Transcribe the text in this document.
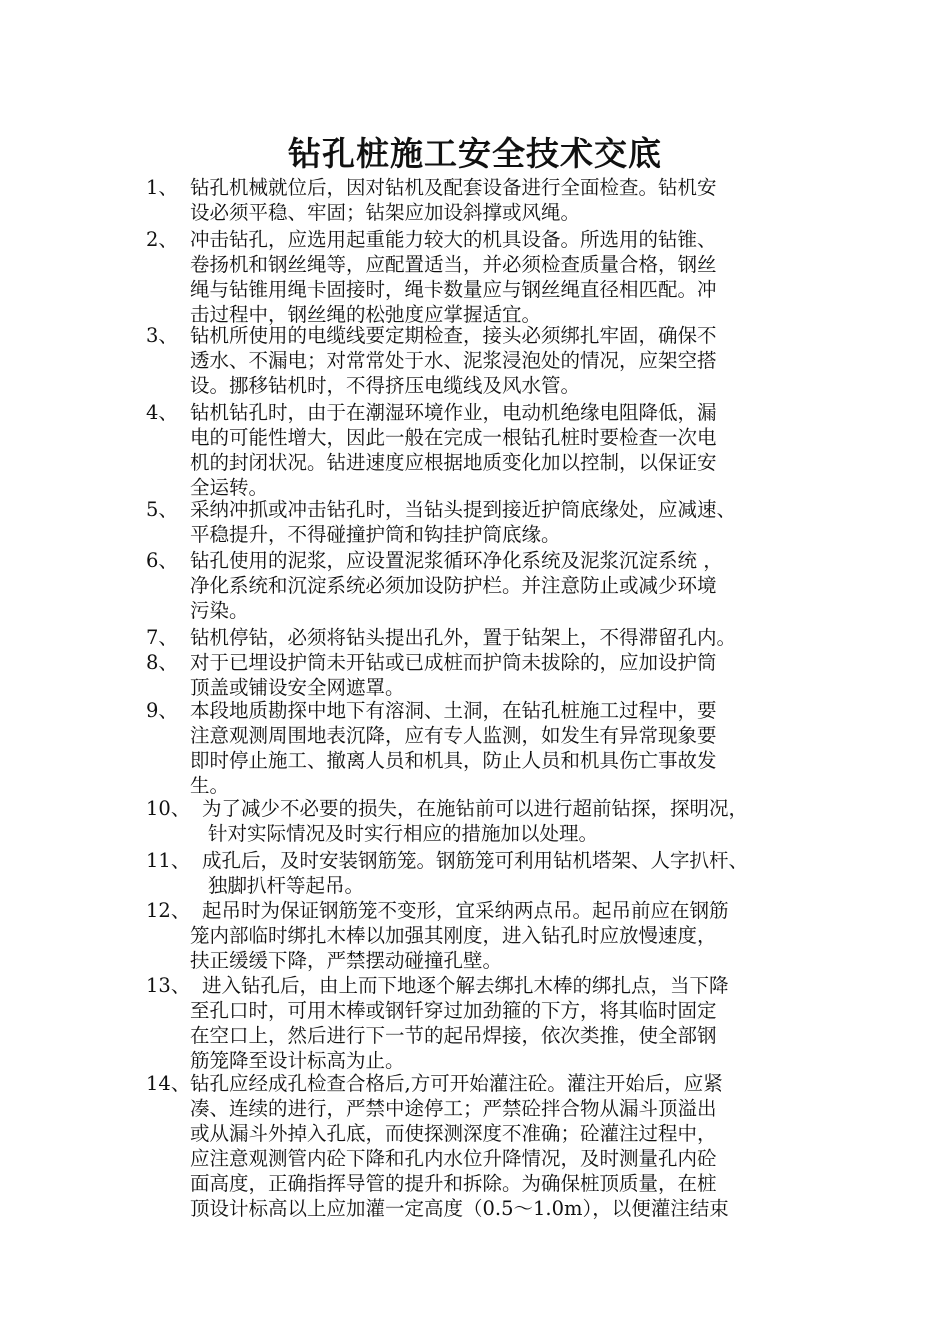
钻孔桩施工安全技术交底
1、 钻孔机械就位后，因对钻机及配套设备进行全面检查。钻机安
设必须平稳、牢固；钻架应加设斜撑或风绳。
2、 冲击钻孔，应选用起重能力较大的机具设备。所选用的钻锥、
卷扬机和钢丝绳等，应配置适当，并必须检查质量合格，钢丝
绳与钻锥用绳卡固接时，绳卡数量应与钢丝绳直径相匹配。冲
击过程中，钢丝绳的松弛度应掌握适宜。
3、 钻机所使用的电缆线要定期检查，接头必须绑扎牢固，确保不
透水、不漏电；对常常处于水、泥浆浸泡处的情况，应架空搭
设。挪移钻机时，不得挤压电缆线及风水管。
4、 钻机钻孔时，由于在潮湿环境作业，电动机绝缘电阻降低，漏
电的可能性增大，因此一般在完成一根钻孔桩时要检查一次电
机的封闭状况。钻进速度应根据地质变化加以控制，以保证安
全运转。
5、 采纳冲抓或冲击钻孔时，当钻头提到接近护筒底缘处，应减速、
平稳提升，不得碰撞护筒和钩挂护筒底缘。
6、 钻孔使用的泥浆，应设置泥浆循环净化系统及泥浆沉淀系统 ，
净化系统和沉淀系统必须加设防护栏。并注意防止或减少环境
污染。
7、 钻机停钻，必须将钻头提出孔外，置于钻架上，不得滞留孔内。
8、 对于已埋设护筒未开钻或已成桩而护筒未拔除的，应加设护筒
顶盖或铺设安全网遮罩。
9、 本段地质勘探中地下有溶洞、土洞，在钻孔桩施工过程中，要
注意观测周围地表沉降，应有专人监测，如发生有异常现象要
即时停止施工、撤离人员和机具，防止人员和机具伤亡事故发
生。
10、 为了减少不必要的损失，在施钻前可以进行超前钻探，探明况，
针对实际情况及时实行相应的措施加以处理。
11、 成孔后，及时安装钢筋笼。钢筋笼可利用钻机塔架、人字扒杆、
独脚扒杆等起吊。
12、 起吊时为保证钢筋笼不变形，宜采纳两点吊。起吊前应在钢筋
笼内部临时绑扎木棒以加强其刚度，进入钻孔时应放慢速度，
扶正缓缓下降，严禁摆动碰撞孔壁。
13、 进入钻孔后，由上而下地逐个解去绑扎木棒的绑扎点，当下降
至孔口时，可用木棒或钢钎穿过加劲箍的下方，将其临时固定
在空口上，然后进行下一节的起吊焊接，依次类推，使全部钢
筋笼降至设计标高为止。
14、 钻孔应经成孔检查合格后,方可开始灌注砼。灌注开始后，应紧
凑、连续的进行，严禁中途停工；严禁砼拌合物从漏斗顶溢出
或从漏斗外掉入孔底，而使探测深度不准确；砼灌注过程中，
应注意观测管内砼下降和孔内水位升降情况，及时测量孔内砼
面高度，正确指挥导管的提升和拆除。为确保桩顶质量，在桩
顶设计标高以上应加灌一定高度（0.5～1.0m），以便灌注结束
